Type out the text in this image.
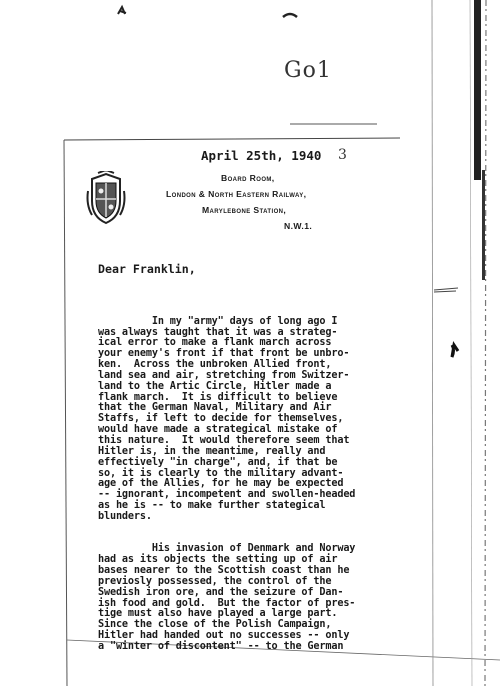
Go1
April 25th, 1940 3
Board Room,
London & North Eastern Railway,
Marylebone Station,
N.W.1.
Dear Franklin,

In my "army" days of long ago I
was always taught that it was a strateg-
ical error to make a flank march across
your enemy's front if that front be unbro-
ken.  Across the unbroken Allied front,
land sea and air, stretching from Switzer-
land to the Artic Circle, Hitler made a
flank march.  It is difficult to believe
that the German Naval, Military and Air
Staffs, if left to decide for themselves,
would have made a strategical mistake of
this nature.  It would therefore seem that
Hitler is, in the meantime, really and
effectively "in charge", and, if that be
so, it is clearly to the military advant-
age of the Allies, for he may be expected
-- ignorant, incompetent and swollen-headed
as he is -- to make further stategical
blunders.

His invasion of Denmark and Norway
had as its objects the setting up of air
bases nearer to the Scottish coast than he
previosly possessed, the control of the
Swedish iron ore, and the seizure of Dan-
ish food and gold.  But the factor of pres-
tige must also have played a large part.
Since the close of the Polish Campaign,
Hitler had handed out no successes -- only
a "winter of discontent" -- to the German
